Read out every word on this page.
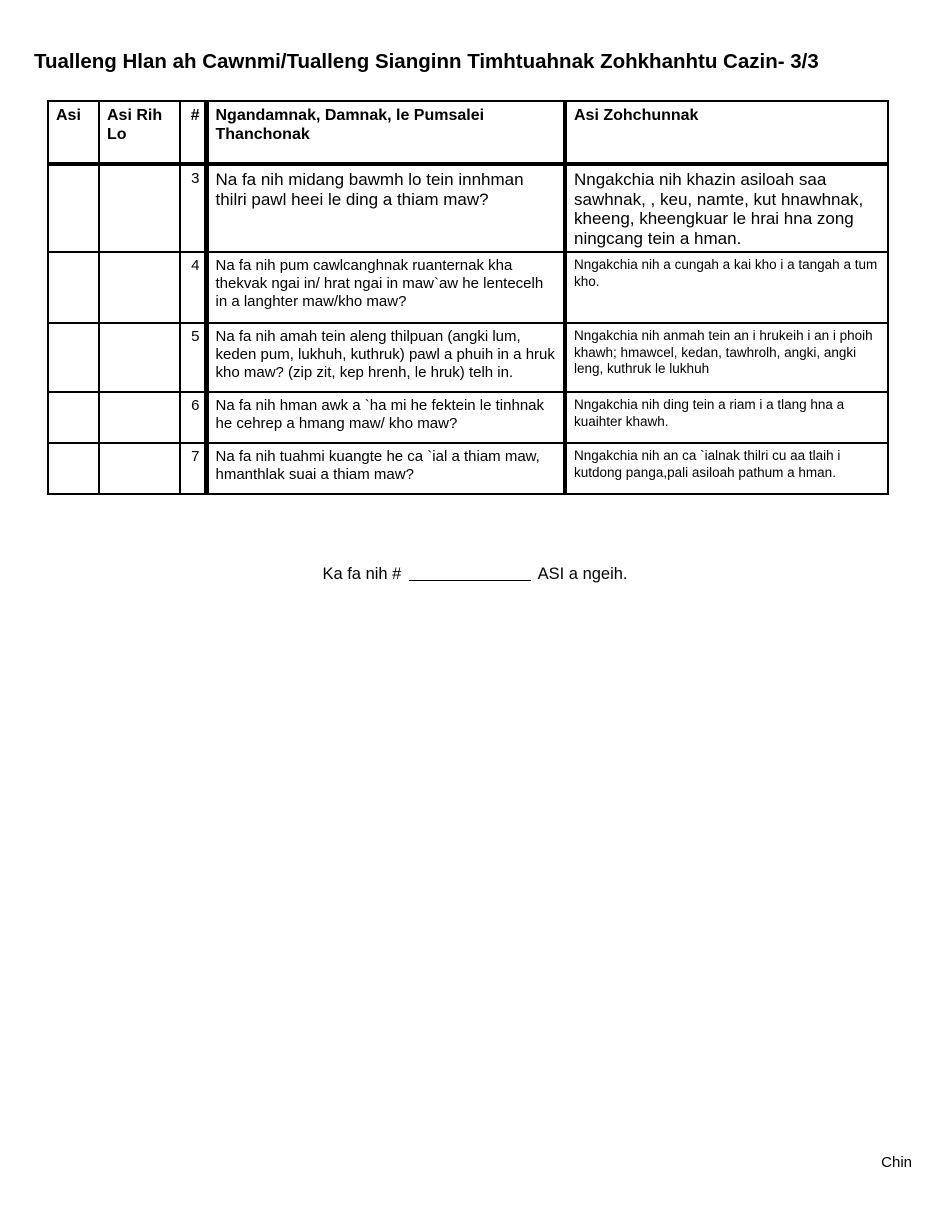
Tualleng Hlan ah Cawnmi/Tualleng Sianginn Timhtuahnak Zohkhanhtu Cazin- 3/3
Asi	Asi Rih Lo	#	Ngandamnak, Damnak, le Pumsalei Thanchonak	Asi Zohchunnak
		3	Na fa nih midang bawmh lo tein innhman thilri pawl heei le ding a thiam maw?	Nngakchia nih khazin asiloah saa sawhnak, , keu, namte, kut hnawhnak, kheeng, kheengkuar le hrai hna zong ningcang tein a hman.
		4	Na fa nih pum cawlcanghnak ruanternak kha thekvak ngai in/ hrat ngai in maw`aw he lentecelh in a langhter maw/kho maw?	Nngakchia nih a cungah a kai kho i a tangah a tum kho.
		5	Na fa nih amah tein aleng thilpuan (angki lum, keden pum, lukhuh, kuthruk) pawl a phuih in a hruk kho maw? (zip zit, kep hrenh, le hruk) telh in.	Nngakchia nih anmah tein an i hrukeih i an i phoih khawh; hmawcel, kedan, tawhrolh, angki, angki leng, kuthruk le lukhuh
		6	Na fa nih hman awk a `ha mi he fektein le tinhnak he cehrep a hmang maw/ kho maw?	Nngakchia nih ding tein a riam i a tlang hna a kuaihter khawh.
		7	Na fa nih tuahmi kuangte he ca `ial a thiam maw, hmanthlak suai a thiam maw?	Nngakchia nih an ca `ialnak thilri cu aa tlaih i kutdong panga,pali asiloah pathum a hman.
Ka fa nih #	ASI a ngeih.
Chin
